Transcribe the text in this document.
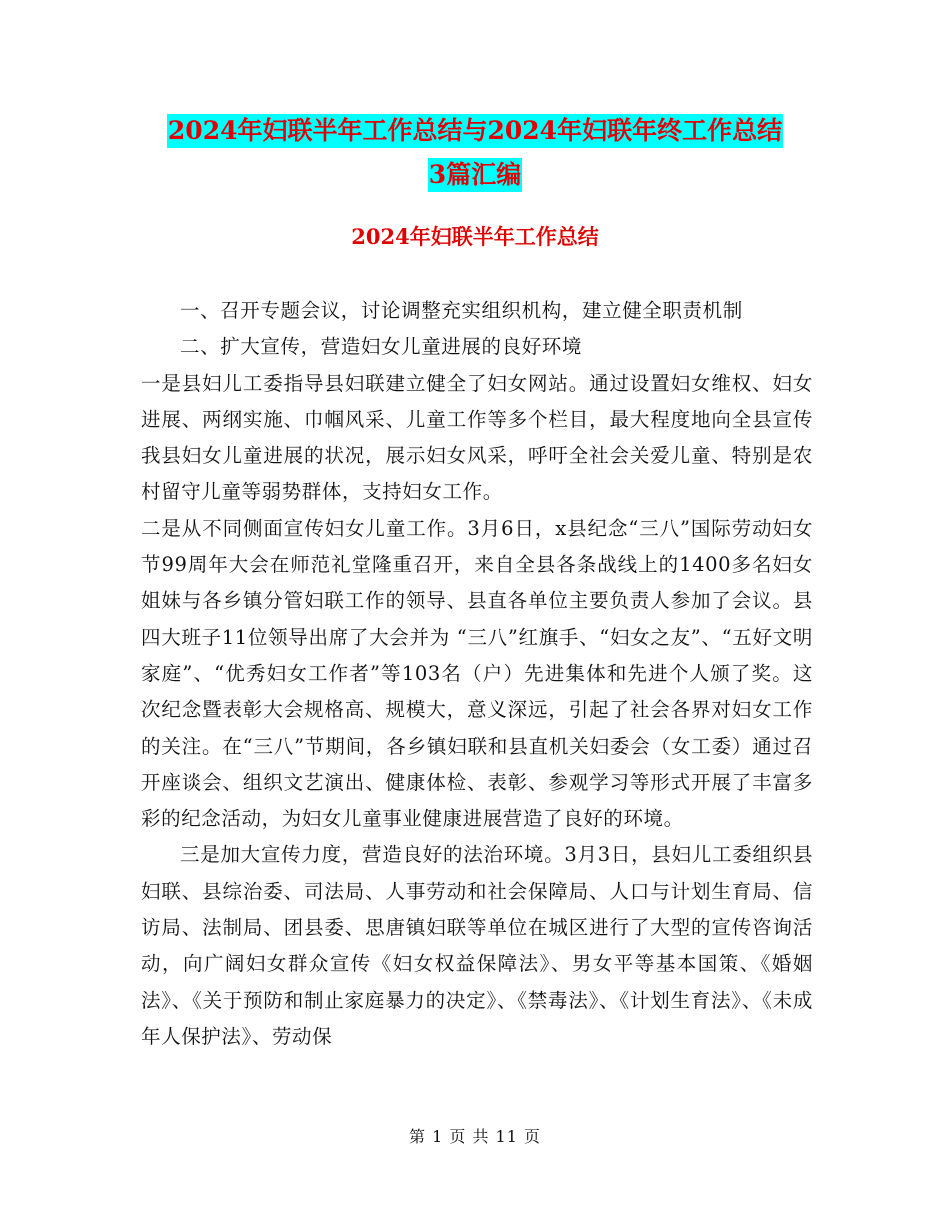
2024年妇联半年工作总结与2024年妇联年终工作总结
3篇汇编
2024年妇联半年工作总结

一、召开专题会议，讨论调整充实组织机构，建立健全职责机制

二、扩大宣传，营造妇女儿童进展的良好环境

一是县妇儿工委指导县妇联建立健全了妇女网站。通过设置妇女维权、妇女进展、两纲实施、巾帼风采、儿童工作等多个栏目，最大程度地向全县宣传我县妇女儿童进展的状况，展示妇女风采，呼吁全社会关爱儿童、特别是农村留守儿童等弱势群体，支持妇女工作。

二是从不同侧面宣传妇女儿童工作。3月6日，x县纪念“三八”国际劳动妇女节99周年大会在师范礼堂隆重召开，来自全县各条战线上的1400多名妇女姐妹与各乡镇分管妇联工作的领导、县直各单位主要负责人参加了会议。县四大班子11位领导出席了大会并为 “三八”红旗手、“妇女之友”、“五好文明家庭”、“优秀妇女工作者”等103名（户）先进集体和先进个人颁了奖。这次纪念暨表彰大会规格高、规模大，意义深远，引起了社会各界对妇女工作的关注。在“三八”节期间，各乡镇妇联和县直机关妇委会（女工委）通过召开座谈会、组织文艺演出、健康体检、表彰、参观学习等形式开展了丰富多彩的纪念活动，为妇女儿童事业健康进展营造了良好的环境。

三是加大宣传力度，营造良好的法治环境。3月3日，县妇儿工委组织县妇联、县综治委、司法局、人事劳动和社会保障局、人口与计划生育局、信访局、法制局、团县委、思唐镇妇联等单位在城区进行了大型的宣传咨询活动，向广阔妇女群众宣传《妇女权益保障法》、男女平等基本国策、《婚姻法》、《关于预防和制止家庭暴力的决定》、《禁毒法》、《计划生育法》、《未成年人保护法》、劳动保

第 1 页 共 11 页
